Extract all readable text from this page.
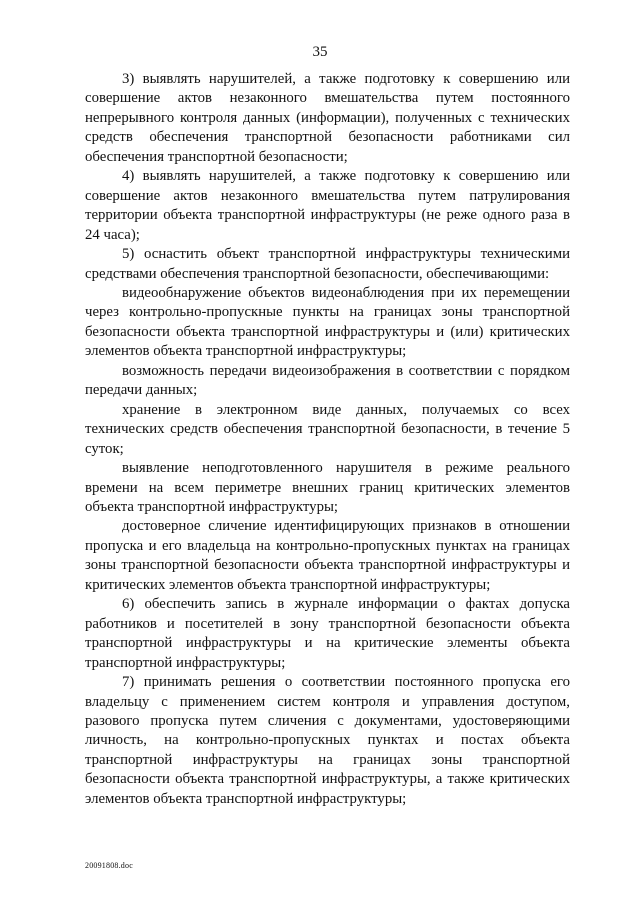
35

3) выявлять нарушителей, а также подготовку к совершению или совершение актов незаконного вмешательства путем постоянного непрерывного контроля данных (информации), полученных с технических средств обеспечения транспортной безопасности работниками сил обеспечения транспортной безопасности;

4) выявлять нарушителей, а также подготовку к совершению или совершение актов незаконного вмешательства путем патрулирования территории объекта транспортной инфраструктуры (не реже одного раза в 24 часа);

5) оснастить объект транспортной инфраструктуры техническими средствами обеспечения транспортной безопасности, обеспечивающими:

видеообнаружение объектов видеонаблюдения при их перемещении через контрольно-пропускные пункты на границах зоны транспортной безопасности объекта транспортной инфраструктуры и (или) критических элементов объекта транспортной инфраструктуры;

возможность передачи видеоизображения в соответствии с порядком передачи данных;

хранение в электронном виде данных, получаемых со всех технических средств обеспечения транспортной безопасности, в течение 5 суток;

выявление неподготовленного нарушителя в режиме реального времени на всем периметре внешних границ критических элементов объекта транспортной инфраструктуры;

достоверное сличение идентифицирующих признаков в отношении пропуска и его владельца на контрольно-пропускных пунктах на границах зоны транспортной безопасности объекта транспортной инфраструктуры и критических элементов объекта транспортной инфраструктуры;

6) обеспечить запись в журнале информации о фактах допуска работников и посетителей в зону транспортной безопасности объекта транспортной инфраструктуры и на критические элементы объекта транспортной инфраструктуры;

7) принимать решения о соответствии постоянного пропуска его владельцу с применением систем контроля и управления доступом, разового пропуска путем сличения с документами, удостоверяющими личность, на контрольно-пропускных пунктах и постах объекта транспортной инфраструктуры на границах зоны транспортной безопасности объекта транспортной инфраструктуры, а также критических элементов объекта транспортной инфраструктуры;

20091808.doc
